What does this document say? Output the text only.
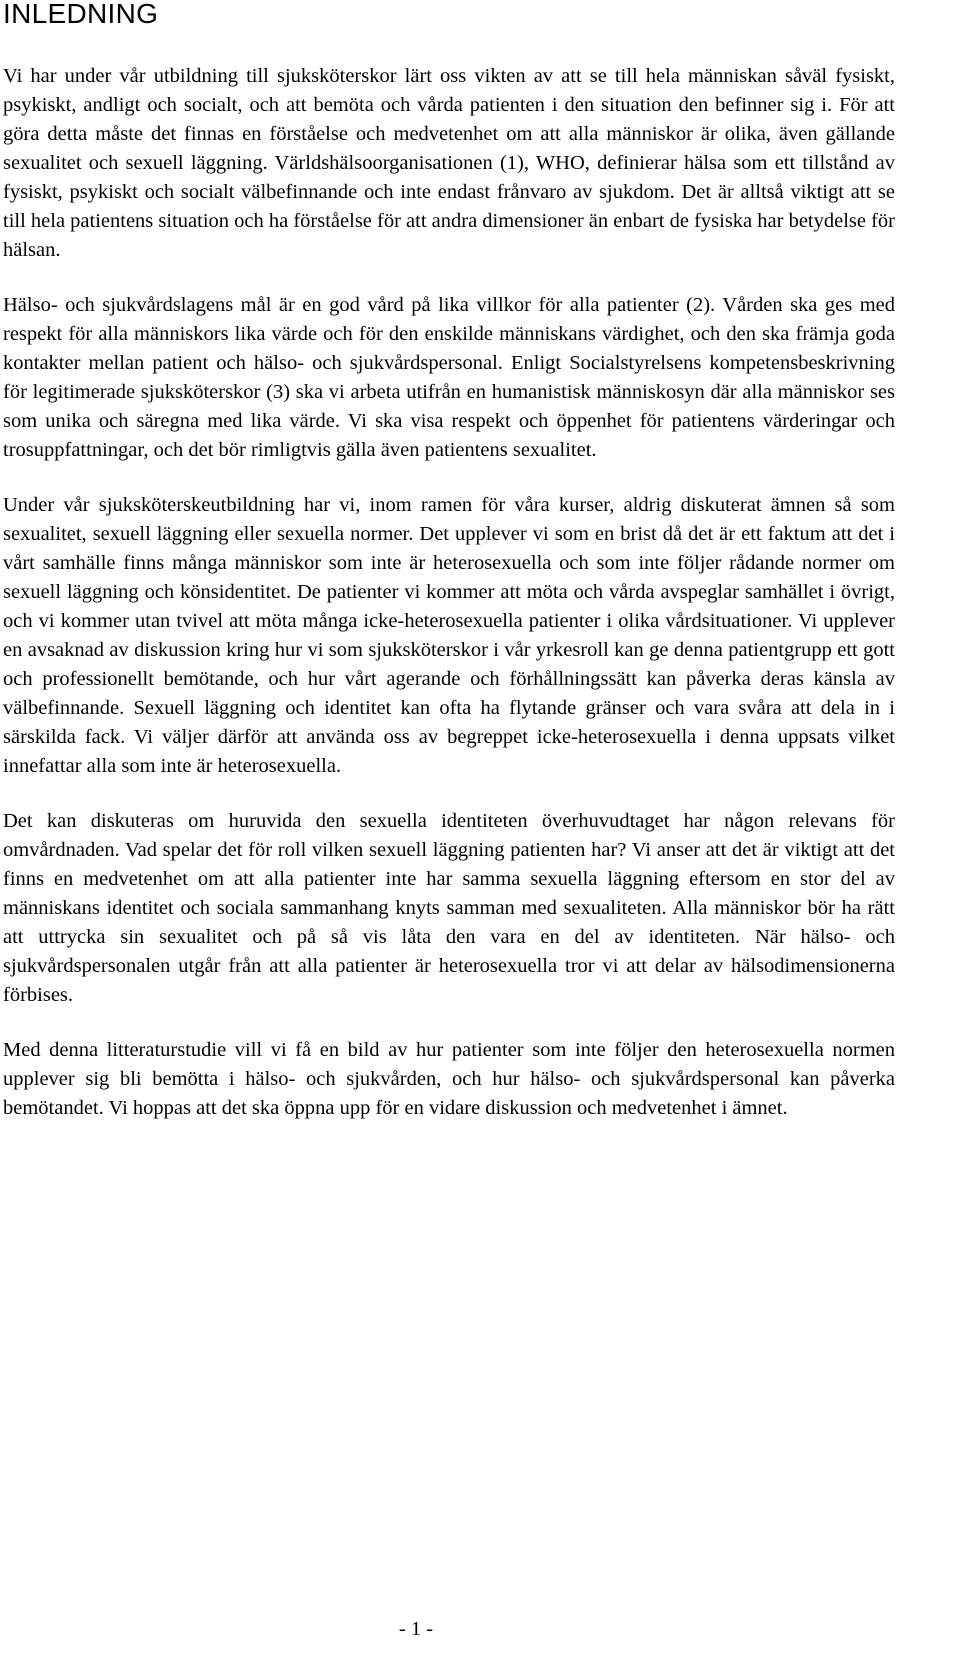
INLEDNING

Vi har under vår utbildning till sjuksköterskor lärt oss vikten av att se till hela människan såväl fysiskt, psykiskt, andligt och socialt, och att bemöta och vårda patienten i den situation den befinner sig i. För att göra detta måste det finnas en förståelse och medvetenhet om att alla människor är olika, även gällande sexualitet och sexuell läggning. Världshälsoorganisationen (1), WHO, definierar hälsa som ett tillstånd av fysiskt, psykiskt och socialt välbefinnande och inte endast frånvaro av sjukdom. Det är alltså viktigt att se till hela patientens situation och ha förståelse för att andra dimensioner än enbart de fysiska har betydelse för hälsan.

Hälso- och sjukvårdslagens mål är en god vård på lika villkor för alla patienter (2). Vården ska ges med respekt för alla människors lika värde och för den enskilde människans värdighet, och den ska främja goda kontakter mellan patient och hälso- och sjukvårdspersonal. Enligt Socialstyrelsens kompetensbeskrivning för legitimerade sjuksköterskor (3) ska vi arbeta utifrån en humanistisk människosyn där alla människor ses som unika och säregna med lika värde. Vi ska visa respekt och öppenhet för patientens värderingar och trosuppfattningar, och det bör rimligtvis gälla även patientens sexualitet.

Under vår sjuksköterskeutbildning har vi, inom ramen för våra kurser, aldrig diskuterat ämnen så som sexualitet, sexuell läggning eller sexuella normer. Det upplever vi som en brist då det är ett faktum att det i vårt samhälle finns många människor som inte är heterosexuella och som inte följer rådande normer om sexuell läggning och könsidentitet. De patienter vi kommer att möta och vårda avspeglar samhället i övrigt, och vi kommer utan tvivel att möta många icke-heterosexuella patienter i olika vårdsituationer. Vi upplever en avsaknad av diskussion kring hur vi som sjuksköterskor i vår yrkesroll kan ge denna patientgrupp ett gott och professionellt bemötande, och hur vårt agerande och förhållningssätt kan påverka deras känsla av välbefinnande. Sexuell läggning och identitet kan ofta ha flytande gränser och vara svåra att dela in i särskilda fack. Vi väljer därför att använda oss av begreppet icke-heterosexuella i denna uppsats vilket innefattar alla som inte är heterosexuella.

Det kan diskuteras om huruvida den sexuella identiteten överhuvudtaget har någon relevans för omvårdnaden. Vad spelar det för roll vilken sexuell läggning patienten har? Vi anser att det är viktigt att det finns en medvetenhet om att alla patienter inte har samma sexuella läggning eftersom en stor del av människans identitet och sociala sammanhang knyts samman med sexualiteten. Alla människor bör ha rätt att uttrycka sin sexualitet och på så vis låta den vara en del av identiteten. När hälso- och sjukvårdspersonalen utgår från att alla patienter är heterosexuella tror vi att delar av hälsodimensionerna förbises.

Med denna litteraturstudie vill vi få en bild av hur patienter som inte följer den heterosexuella normen upplever sig bli bemötta i hälso- och sjukvården, och hur hälso- och sjukvårdspersonal kan påverka bemötandet. Vi hoppas att det ska öppna upp för en vidare diskussion och medvetenhet i ämnet.

- 1 -
